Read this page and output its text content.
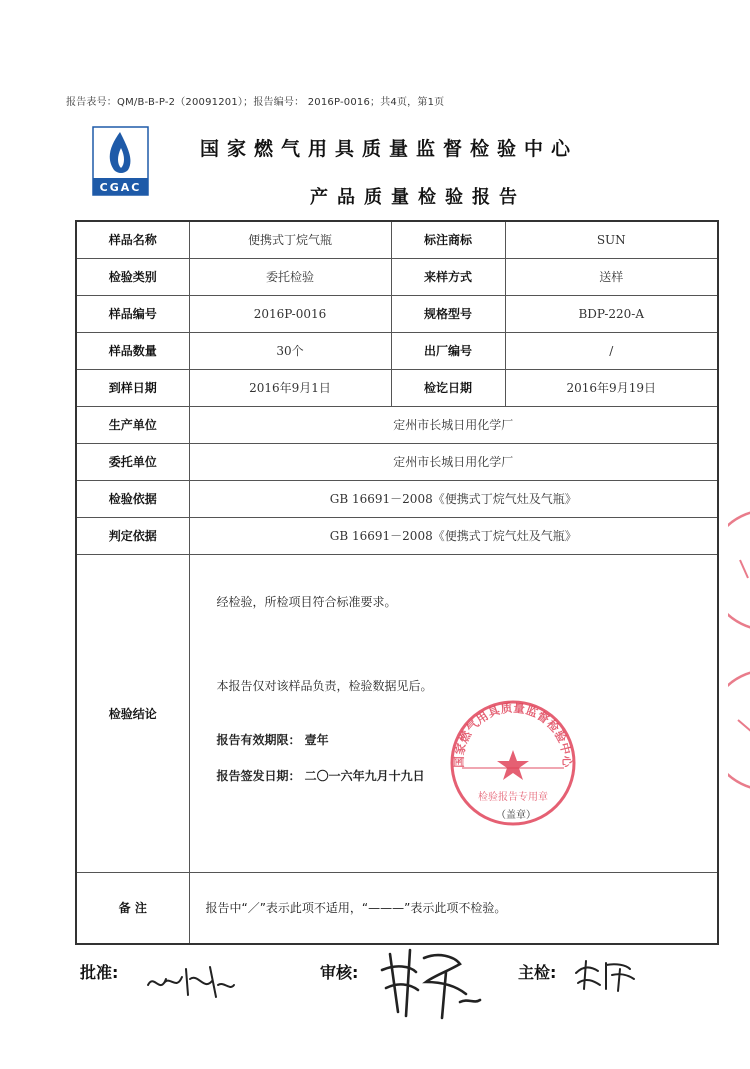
报告表号：QM/B-B-P-2（20091201）；报告编号： 2016P-0016；共4页，第1页
CGAC
国家燃气用具质量监督检验中心
产品质量检验报告
样品名称	便携式丁烷气瓶	标注商标	SUN
检验类别	委托检验	来样方式	送样
样品编号	2016P-0016	规格型号	BDP-220-A
样品数量	30个	出厂编号	/
到样日期	2016年9月1日	检讫日期	2016年9月19日
生产单位	定州市长城日用化学厂		
委托单位	定州市长城日用化学厂		
检验依据	GB 16691－2008《便携式丁烷气灶及气瓶》		
判定依据	GB 16691－2008《便携式丁烷气灶及气瓶》		
检验结论	经检验，所检项目符合标准要求。
本报告仅对该样品负责，检验数据见后。
报告有效期限： 壹年
报告签发日期： 二〇一六年九月十九日		

备 注	报告中“／”表示此项不适用，“———”表示此项不检验。		
国家燃气用具质量监督检验中心
检验报告专用章
（盖章）
批准:	审核:	主检:
